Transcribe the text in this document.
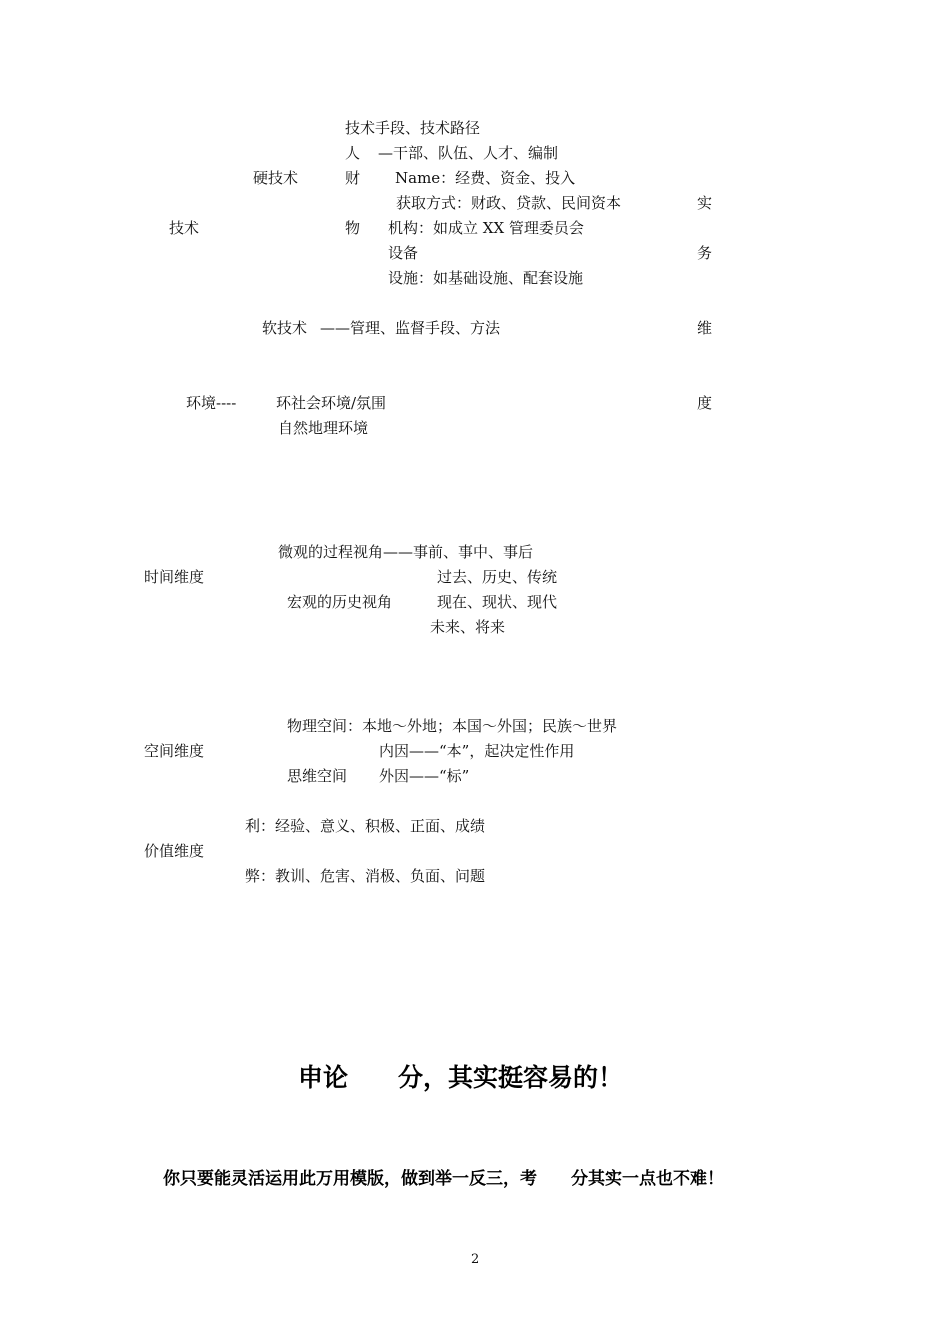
技术手段、技术路径
人 —干部、队伍、人才、编制
硬技术	财 Name：经费、资金、投入
获取方式：财政、贷款、民间资本
技术	物 机构：如成立 XX 管理委员会
设备
设施：如基础设施、配套设施
软技术 ——管理、监督手段、方法
环境----	环社会环境/氛围
自然地理环境
实
务
维
度
微观的过程视角——事前、事中、事后
时间维度	过去、历史、传统
宏观的历史视角	现在、现状、现代
未来、将来
物理空间：本地～外地；本国～外国；民族～世界
空间维度	内因——“本”，起决定性作用
思维空间 外因——“标”
利：经验、意义、积极、正面、成绩
价值维度
弊：教训、危害、消极、负面、问题
申论　　分，其实挺容易的！
你只要能灵活运用此万用模版，做到举一反三，考　　分其实一点也不难！
2
